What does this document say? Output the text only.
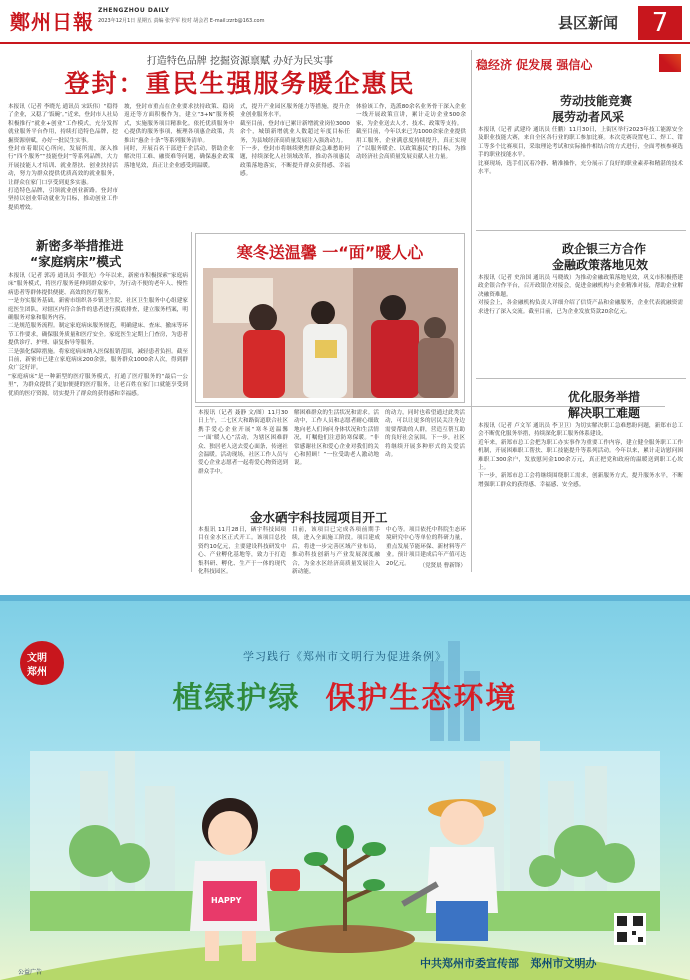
鄭州日報 ZHENGZHOU DAILY
2023年12月1日 星期五 责编 张学军 校对 胡会君 E-mail:zzrb@163.com	县区新闻	7
打造特色品牌 挖掘资源禀赋 办好为民实事
登封：重民生强服务暖企惠民
本报讯（记者 李晓光 通讯员 宋跃伟）“稳得了企业，又稳了‘饭碗’。”近来，登封市人社局积极推行“就业+创业”工作模式，充分发挥就业服务平台作用，持续打造特色品牌，挖掘资源禀赋，办好一批民生实事。
登封市着眼民心所向，发展所需，深入推行“四个服务”“技能登封”等系列品牌，大力开展技能人才培训、就业帮扶、创业扶持活动，努力为群众提供优质高效的就业服务，让群众在家门口享受到更多实惠。
打造特色品牌，引领就业创业新路。登封市坚持以创业带动就业为目标，推动创业工作提质增效。
坡，登封市重点在企业要求扶持政策、稳岗返还等方面积极作为，建立“3+N”服务模式，实施服务项目精准化。依托优质服务中心提供的服务事项，梳理各项惠企政策，共推出“惠企十条”等系列服务清单。
同时，开展百名干部进千企活动，帮助企业解决用工难、融资难等问题，确保惠企政策落地见效，真正让企业感受到温暖。
式，提升产业园区服务能力等措施，提升企业创业服务水平。
截至目前，登封市已累计新增就业岗位3000余个，城镇新增就业人数超过年度目标任务，为县域经济高质量发展注入强劲动力。
下一步，登封市将继续聚焦群众急难愁盼问题，持续深化人社领域改革，推动各项惠民政策落地落实，不断提升群众获得感、幸福感。
体验该工作，选派80余名业务骨干深入企业一线开展政策宣讲，累计走访企业500余家，为企业送去人才、技术、政策等支持。
截至目前，今年以来已为1000余家企业提供用工服务，企业满意度持续提升，真正实现了“以服务暖企、以政策惠民”的目标，为推动经济社会高质量发展贡献人社力量。
新密多举措推进
“家庭病床”模式
本报讯（记者 郭涛 通讯员 李银光）今年以来，新密市积极探索“家庭病床”服务模式，将医疗服务延伸到群众家中，为行动不便的老年人、慢性病患者等群体提供便捷、高效的医疗服务。
一是夯实服务基础。新密市组织各乡镇卫生院、社区卫生服务中心组建家庭医生团队，对辖区内符合条件的患者进行摸底排查，建立服务档案，明确服务对象和服务内容。
二是规范服务流程。制定家庭病床服务规范，明确建床、查床、撤床等环节工作要求，确保服务质量和医疗安全。家庭医生定期上门查房，为患者提供诊疗、护理、康复指导等服务。
三是强化保障措施。将家庭病床纳入医保报销范围，减轻患者负担。截至目前，新密市已建立家庭病床200余张，服务群众1000余人次，得到群众广泛好评。
“家庭病床”是一种新型的医疗服务模式，打通了医疗服务的“最后一公里”，为群众提供了更加便捷的医疗服务，让老百姓在家门口就能享受到优质的医疗资源，切实提升了群众的获得感和幸福感。
寒冬送温馨 一“面”暖人心
本报讯（记者 聂静 文/图）11月30日上午，二七区大和路街道联合社区携手爱心企业开展“寒冬送温馨 一‘面’暖人心”活动，为辖区困难群众、独居老人送去爱心面条，传递社会温暖。活动现场，社区工作人员与爱心企业志愿者一起将爱心物资送到群众手中。
解困难群众的生活状况和需求。活动中，工作人员和志愿者耐心细致地向老人们询问身体状况和生活情况，叮嘱他们注意防寒保暖。“非常感谢社区和爱心企业对我们的关心和照顾！”一位受助老人激动地说。
的动力，同时也希望通过此类活动，可以让更多的居民关注身边需要帮助的人群，营造互帮互助的良好社会氛围。下一步，社区将继续开展多种形式的关爱活动。
金水硒宇科技园项目开工
本报讯 11月28日，硒宇科技园项目在金水区正式开工。该项目总投资约10亿元，主要建设科技研发中心、产业孵化基地等，致力于打造集科研、孵化、生产于一体的现代化科技园区。
目前，该项目已完成各项前期手续，进入全面施工阶段。项目建成后，将进一步完善区域产业布局，推动科技创新与产业发展深度融合，为金水区经济高质量发展注入新动能。
中心等。项目依托中科院生态环境研究中心等单位的科研力量，重点发展节能环保、新材料等产业。预计项目建成后年产值可达20亿元。	（党贤晨 曹新锋）
稳经济 促发展 强信心
劳动技能竞赛
展劳动者风采
本报讯（记者 武建玲 通讯员 任鹏）11月30日，上街区举行2023年技工能源安全及职业技能大赛，来自全区各行业的职工参加比赛。本次竞赛设置电工、焊工、钳工等多个比赛项目，采取理论考试和实际操作相结合的方式进行，全面考核参赛选手的职业技能水平。
比赛现场，选手们沉着冷静、精准操作，充分展示了良好的职业素养和精湛的技术水平。
政企银三方合作
金融政策落地见效
本报讯（记者 史治国 通讯员 马晓战）为推动金融政策落地见效，巩义市积极搭建政企银合作平台，召开政银企对接会，促进金融机构与企业精准对接，帮助企业解决融资难题。
对接会上，各金融机构负责人详细介绍了信贷产品和金融服务，企业代表就融资需求进行了深入交流。截至目前，已为企业发放贷款20余亿元。
优化服务举措
解决职工难题
本报讯（记者 卢文军 通讯员 李卫卫）为切实解决职工急难愁盼问题，新郑市总工会不断优化服务举措，持续深化职工服务体系建设。
近年来，新郑市总工会把为职工办实事作为重要工作内容，建立健全服务职工工作机制，开展困难职工帮扶、职工技能提升等系列活动。今年以来，累计走访慰问困难职工300余户，发放慰问金100余万元，真正把党和政府的温暖送到职工心坎上。
下一步，新郑市总工会将继续围绕职工需求，创新服务方式，提升服务水平，不断增强职工群众的获得感、幸福感、安全感。
文明
郑州
学习践行《郑州市文明行为促进条例》
植绿护绿 保护生态环境
HAPPY
中共郑州市委宣传部   郑州市文明办
公益广告
